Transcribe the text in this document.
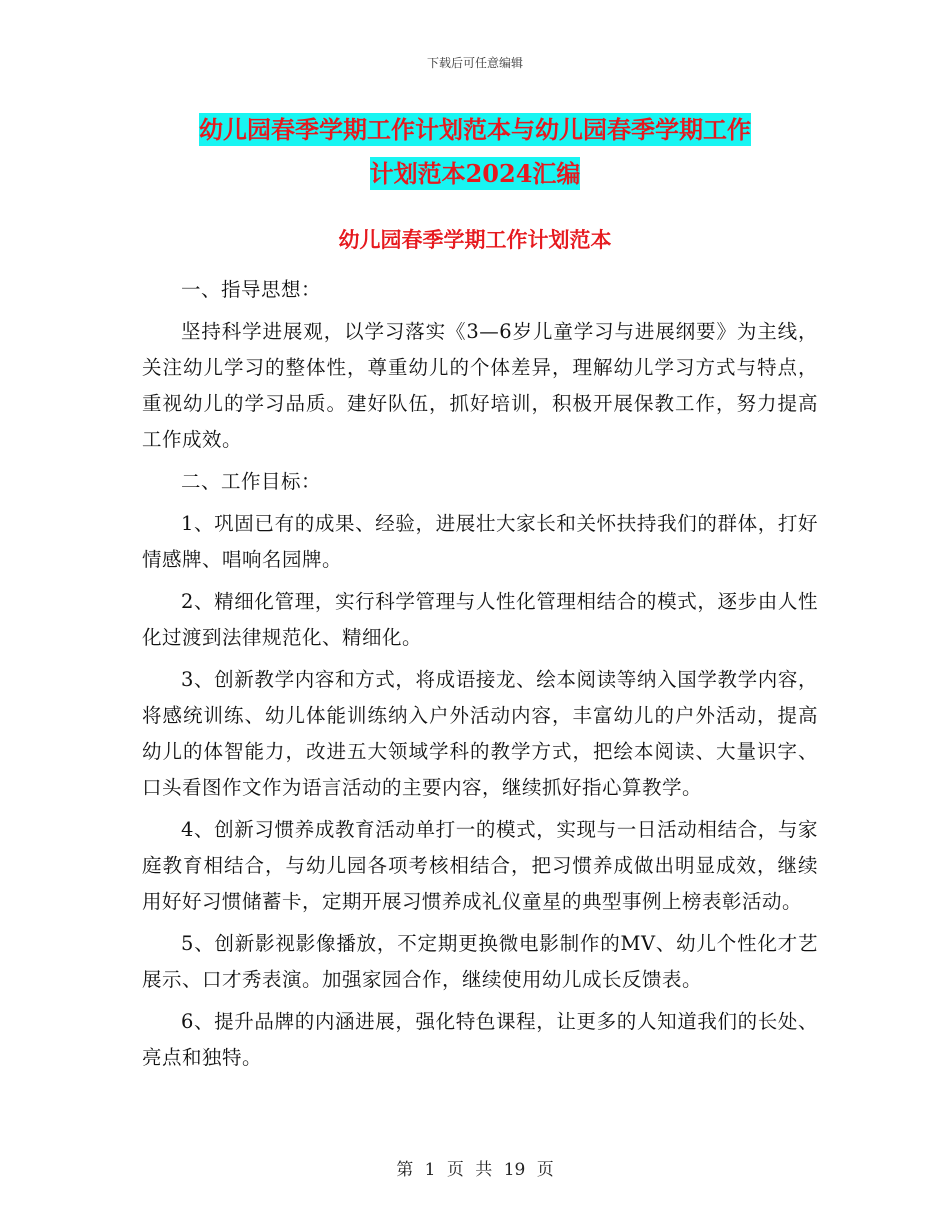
下载后可任意编辑
幼儿园春季学期工作计划范本与幼儿园春季学期工作
计划范本2024汇编
幼儿园春季学期工作计划范本

一、指导思想：

坚持科学进展观，以学习落实《3—6岁儿童学习与进展纲要》为主线，关注幼儿学习的整体性，尊重幼儿的个体差异，理解幼儿学习方式与特点，重视幼儿的学习品质。建好队伍，抓好培训，积极开展保教工作，努力提高工作成效。

二、工作目标：

1、巩固已有的成果、经验，进展壮大家长和关怀扶持我们的群体，打好情感牌、唱响名园牌。

2、精细化管理，实行科学管理与人性化管理相结合的模式，逐步由人性化过渡到法律规范化、精细化。

3、创新教学内容和方式，将成语接龙、绘本阅读等纳入国学教学内容，将感统训练、幼儿体能训练纳入户外活动内容，丰富幼儿的户外活动，提高幼儿的体智能力，改进五大领域学科的教学方式，把绘本阅读、大量识字、口头看图作文作为语言活动的主要内容，继续抓好指心算教学。

4、创新习惯养成教育活动单打一的模式，实现与一日活动相结合，与家庭教育相结合，与幼儿园各项考核相结合，把习惯养成做出明显成效，继续用好好习惯储蓄卡，定期开展习惯养成礼仪童星的典型事例上榜表彰活动。

5、创新影视影像播放，不定期更换微电影制作的MV、幼儿个性化才艺展示、口才秀表演。加强家园合作，继续使用幼儿成长反馈表。

6、提升品牌的内涵进展，强化特色课程，让更多的人知道我们的长处、亮点和独特。

第 1 页 共 19 页
